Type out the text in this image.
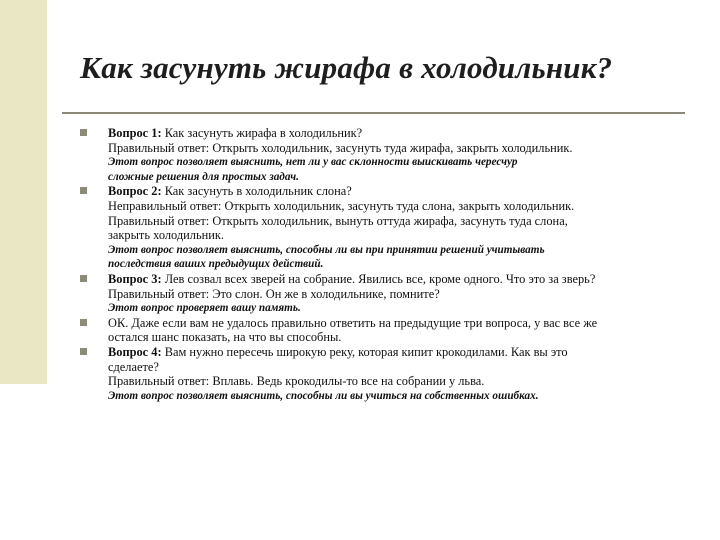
Как засунуть жирафа в холодильник?
Вопрос 1: Как засунуть жирафа в холодильник?
Правильный ответ: Открыть холодильник, засунуть туда жирафа, закрыть холодильник.
Этот вопрос позволяет выяснить, нет ли у вас склонности выискивать чересчур
сложные решения для простых задач.
Вопрос 2: Как засунуть в холодильник слона?
Неправильный ответ: Открыть холодильник, засунуть туда слона, закрыть холодильник.
Правильный ответ: Открыть холодильник, вынуть оттуда жирафа, засунуть туда слона,
закрыть холодильник.
Этот вопрос позволяет выяснить, способны ли вы при принятии решений учитывать
последствия ваших предыдущих действий.
Вопрос 3: Лев созвал всех зверей на собрание. Явились все, кроме одного. Что это за зверь?
Правильный ответ: Это слон. Он же в холодильнике, помните?
Этот вопрос проверяет вашу память.
ОК. Даже если вам не удалось правильно ответить на предыдущие три вопроса, у вас все же
остался шанс показать, на что вы способны.
Вопрос 4: Вам нужно пересечь широкую реку, которая кипит крокодилами. Как вы это
сделаете?
Правильный ответ: Вплавь. Ведь крокодилы-то все на собрании у льва.
Этот вопрос позволяет выяснить, способны ли вы учиться на собственных ошибках.
